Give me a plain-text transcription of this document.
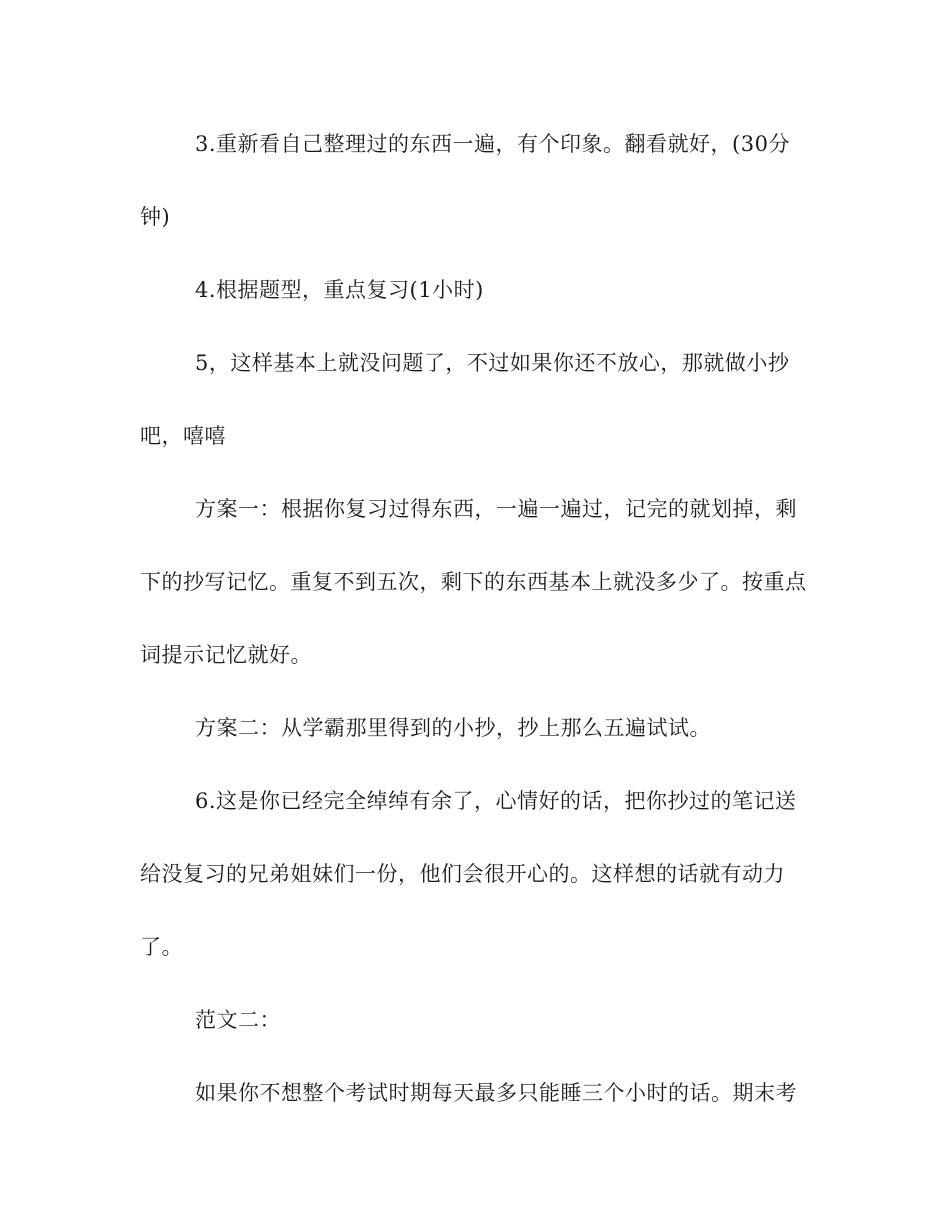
3.重新看自己整理过的东西一遍，有个印象。翻看就好，(30分
钟)
4.根据题型，重点复习(1小时)
5，这样基本上就没问题了，不过如果你还不放心，那就做小抄
吧，嘻嘻
方案一：根据你复习过得东西，一遍一遍过，记完的就划掉，剩
下的抄写记忆。重复不到五次，剩下的东西基本上就没多少了。按重点
词提示记忆就好。
方案二：从学霸那里得到的小抄，抄上那么五遍试试。
6.这是你已经完全绰绰有余了，心情好的话，把你抄过的笔记送
给没复习的兄弟姐妹们一份，他们会很开心的。这样想的话就有动力
了。
范文二：
如果你不想整个考试时期每天最多只能睡三个小时的话。期末考
